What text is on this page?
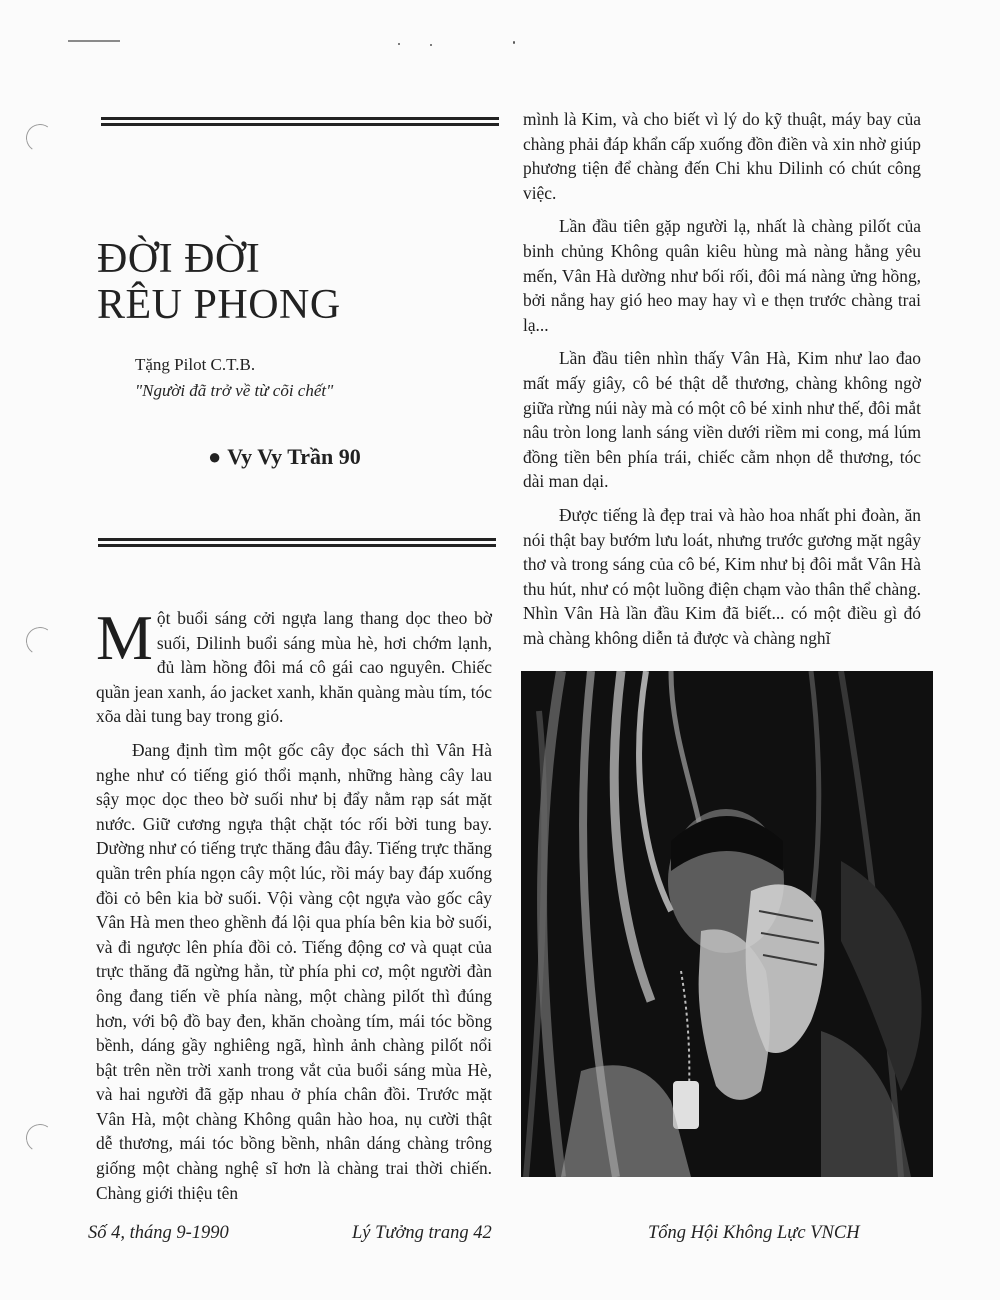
ĐỜI ĐỜI
RÊU PHONG
Tặng Pilot C.T.B.
"Người đã trở về từ cõi chết"
● Vy Vy Trần 90

Một buổi sáng cởi ngựa lang thang dọc theo bờ suối, Dilinh buổi sáng mùa hè, hơi chớm lạnh, đủ làm hồng đôi má cô gái cao nguyên. Chiếc quần jean xanh, áo jacket xanh, khăn quàng màu tím, tóc xõa dài tung bay trong gió.

Đang định tìm một gốc cây đọc sách thì Vân Hà nghe như có tiếng gió thổi mạnh, những hàng cây lau sậy mọc dọc theo bờ suối như bị đẩy nằm rạp sát mặt nước. Giữ cương ngựa thật chặt tóc rối bời tung bay. Dường như có tiếng trực thăng đâu đây. Tiếng trực thăng quần trên phía ngọn cây một lúc, rồi máy bay đáp xuống đồi cỏ bên kia bờ suối. Vội vàng cột ngựa vào gốc cây Vân Hà men theo ghềnh đá lội qua phía bên kia bờ suối, và đi ngược lên phía đồi cỏ. Tiếng động cơ và quạt của trực thăng đã ngừng hẳn, từ phía phi cơ, một người đàn ông đang tiến về phía nàng, một chàng pilốt thì đúng hơn, với bộ đồ bay đen, khăn choàng tím, mái tóc bồng bềnh, dáng gầy nghiêng ngã, hình ảnh chàng pilốt nổi bật trên nền trời xanh trong vắt của buổi sáng mùa Hè, và hai người đã gặp nhau ở phía chân đồi. Trước mặt Vân Hà, một chàng Không quân hào hoa, nụ cười thật dễ thương, mái tóc bồng bềnh, nhân dáng chàng trông giống một chàng nghệ sĩ hơn là chàng trai thời chiến. Chàng giới thiệu tên

mình là Kim, và cho biết vì lý do kỹ thuật, máy bay của chàng phải đáp khẩn cấp xuống đồn điền và xin nhờ giúp phương tiện để chàng đến Chi khu Dilinh có chút công việc.

Lần đầu tiên gặp người lạ, nhất là chàng pilốt của binh chủng Không quân kiêu hùng mà nàng hằng yêu mến, Vân Hà dường như bối rối, đôi má nàng ửng hồng, bởi nắng hay gió heo may hay vì e thẹn trước chàng trai lạ...

Lần đầu tiên nhìn thấy Vân Hà, Kim như lao đao mất mấy giây, cô bé thật dễ thương, chàng không ngờ giữa rừng núi này mà có một cô bé xinh như thế, đôi mắt nâu tròn long lanh sáng viền dưới riềm mi cong, má lúm đồng tiền bên phía trái, chiếc cằm nhọn dễ thương, tóc dài man dại.

Được tiếng là đẹp trai và hào hoa nhất phi đoàn, ăn nói thật bay bướm lưu loát, nhưng trước gương mặt ngây thơ và trong sáng của cô bé, Kim như bị đôi mắt Vân Hà thu hút, như có một luồng điện chạm vào thân thể chàng. Nhìn Vân Hà lần đầu Kim đã biết... có một điều gì đó mà chàng không diễn tả được và chàng nghĩ

Số 4, tháng 9-1990	Lý Tưởng trang 42	Tổng Hội Không Lực VNCH
